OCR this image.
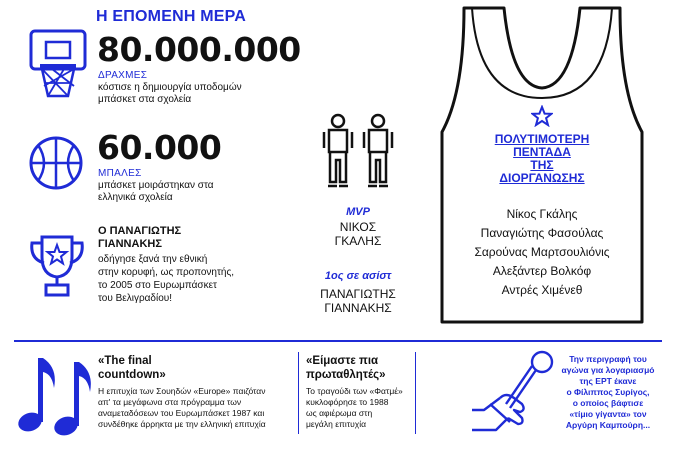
Η ΕΠΟΜΕΝΗ ΜΕΡΑ
80.000.000
ΔΡΑΧΜΕΣ
κόστισε η δημιουργία υποδομών
μπάσκετ στα σχολεία
60.000
ΜΠΑΛΕΣ
μπάσκετ μοιράστηκαν στα
ελληνικά σχολεία
Ο ΠΑΝΑΓΙΩΤΗΣ
ΓΙΑΝΝΑΚΗΣ
οδήγησε ξανά την εθνική
στην κορυφή, ως προπονητής,
το 2005 στο Ευρωμπάσκετ
του Βελιγραδίου!
MVP
ΝΙΚΟΣ
ΓΚΑΛΗΣ
1ος σε ασίστ
ΠΑΝΑΓΙΩΤΗΣ
ΓΙΑΝΝΑΚΗΣ
ΠΟΛΥΤΙΜΟΤΕΡΗ
ΠΕΝΤΑΔΑ
ΤΗΣ
ΔΙΟΡΓΑΝΩΣΗΣ
Νίκος Γκάλης
Παναγιώτης Φασούλας
Σαρούνας Μαρτσουλιόνις
Αλεξάντερ Βολκόφ
Αντρές Χιμένεθ
«The final
countdown»
Η επιτυχία των Σουηδών «Europe» παιζόταν
απ' τα μεγάφωνα στα πρόγραμμα των
αναμεταδόσεων του Ευρωμπάσκετ 1987 και
συνδέθηκε άρρηκτα με την ελληνική επιτυχία
«Είμαστε πια
πρωταθλητές»
Το τραγούδι των «Φατμέ»
κυκλοφόρησε το 1988
ως αφιέρωμα στη
μεγάλη επιτυχία
Την περιγραφή του
αγώνα για λογαριασμό
της ΕΡΤ έκανε
ο Φίλιππος Συρίγος,
ο οποίος βάφτισε
«τίμιο γίγαντα» τον
Αργύρη Καμπούρη...
